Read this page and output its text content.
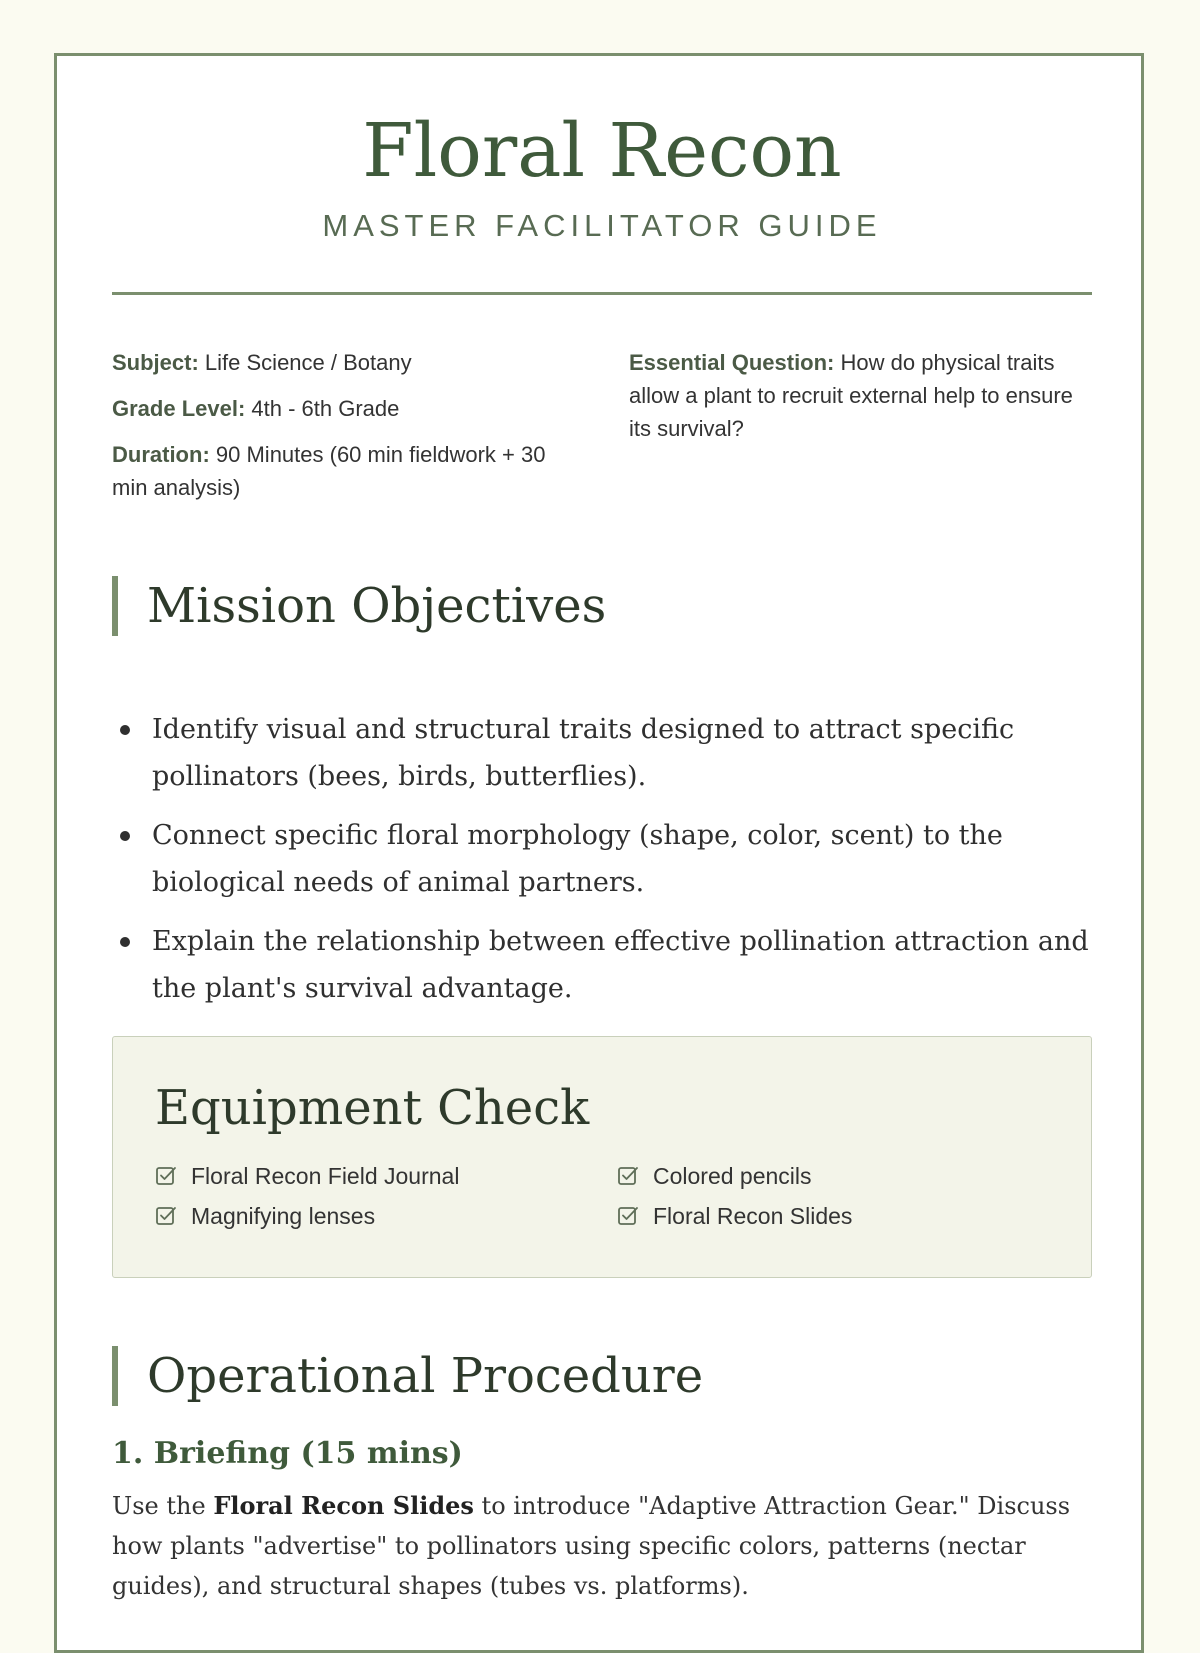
Floral Recon
MASTER FACILITATOR GUIDE
Subject: Life Science / Botany
Grade Level: 4th - 6th Grade
Duration: 90 Minutes (60 min fieldwork + 30 min analysis)
Essential Question: How do physical traits allow a plant to recruit external help to ensure its survival?
Mission Objectives
Identify visual and structural traits designed to attract specific pollinators (bees, birds, butterflies).
Connect specific floral morphology (shape, color, scent) to the biological needs of animal partners.
Explain the relationship between effective pollination attraction and the plant's survival advantage.
Equipment Check
Floral Recon Field Journal	Colored pencils
Magnifying lenses	Floral Recon Slides
Operational Procedure
1. Briefing (15 mins)
Use the Floral Recon Slides to introduce "Adaptive Attraction Gear." Discuss how plants "advertise" to pollinators using specific colors, patterns (nectar guides), and structural shapes (tubes vs. platforms).
